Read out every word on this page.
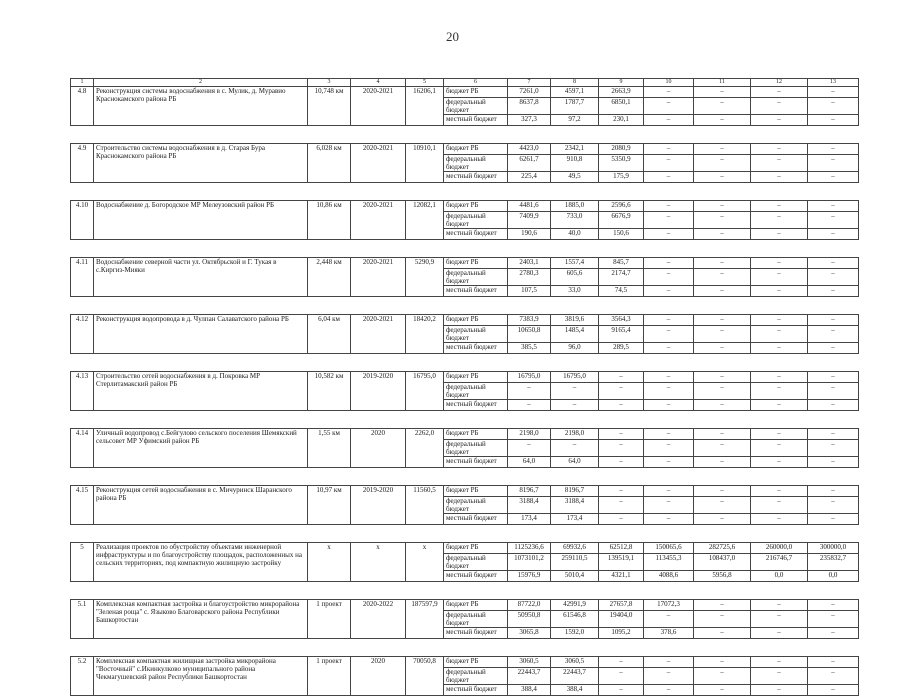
20
1	2	3	4	5	6	7	8	9	10	11	12	13
4.8	Реконструкция системы водоснабжения в с. Мулик, д. Муравио Краснокамского района РБ	10,748 км	2020-2021	16206,1	бюджет РБ	7261,0	4597,1	2663,9	–	–	–	–
					федеральный бюджет	8637,8	1787,7	6850,1	–	–	–	–
					местный бюджет	327,3	97,2	230,1	–	–	–	–

4.9	Строительство системы водоснабжения в д. Старая Бура Краснокамского района РБ	6,028 км	2020-2021	10910,1	бюджет РБ	4423,0	2342,1	2080,9	–	–	–	–
					федеральный бюджет	6261,7	910,8	5350,9	–	–	–	–
					местный бюджет	225,4	49,5	175,9	–	–	–	–

4.10	Водоснабжение д. Богородское МР Мелеузовский район РБ	10,86 км	2020-2021	12082,1	бюджет РБ	4481,6	1885,0	2596,6	–	–	–	–
					федеральный бюджет	7409,9	733,0	6676,9	–	–	–	–
					местный бюджет	190,6	40,0	150,6	–	–	–	–

4.11	Водоснабжение северной части ул. Октябрьской и Г. Тукая в с.Киргиз-Мияки	2,448 км	2020-2021	5290,9	бюджет РБ	2403,1	1557,4	845,7	–	–	–	–
					федеральный бюджет	2780,3	605,6	2174,7	–	–	–	–
					местный бюджет	107,5	33,0	74,5	–	–	–	–

4.12	Реконструкция водопровода в д. Чулпан Салаватского района РБ	6,04 км	2020-2021	18420,2	бюджет РБ	7383,9	3819,6	3564,3	–	–	–	–
					федеральный бюджет	10650,8	1485,4	9165,4	–	–	–	–
					местный бюджет	385,5	96,0	289,5	–	–	–	–

4.13	Строительство сетей водоснабжения в д. Покровка МР Стерлитамакский район РБ	10,582 км	2019-2020	16795,0	бюджет РБ	16795,0	16795,0	–	–	–	–	–
					федеральный бюджет	–	–	–	–	–	–	–
					местный бюджет	–	–	–	–	–	–	–

4.14	Уличный водопровод с.Бейгулово сельского поселения Шемякский сельсовет МР Уфимский район РБ	1,55 км	2020	2262,0	бюджет РБ	2198,0	2198,0	–	–	–	–	–
					федеральный бюджет	–	–	–	–	–	–	–
					местный бюджет	64,0	64,0	–	–	–	–	–

4.15	Реконструкция сетей водоснабжения в с. Мичуринск Шаранского района РБ	10,97 км	2019-2020	11560,5	бюджет РБ	8196,7	8196,7	–	–	–	–	–
					федеральный бюджет	3188,4	3188,4	–	–	–	–	–
					местный бюджет	173,4	173,4	–	–	–	–	–

5	Реализация проектов по обустройству объектами инженерной инфраструктуры и по благоустройству площадок, расположенных на сельских территориях, под компактную жилищную застройку	х	х	х	бюджет РБ	1125236,6	69932,6	62512,8	150065,6	282725,6	260000,0	300000,0
					федеральный бюджет	1073101,2	259110,5	139519,1	113455,3	108437,0	216746,7	235832,7
					местный бюджет	15976,9	5010,4	4321,1	4088,6	5956,8	0,0	0,0

5.1	Комплексная компактная застройка и благоустройство микрорайона "Зеленая роща" с. Языково Благоварского района Республики Башкортостан	1 проект	2020-2022	187597,9	бюджет РБ	87722,0	42991,9	27657,8	17072,3	–	–	–
					федеральный бюджет	50950,8	61546,8	19404,0	–	–	–	–
					местный бюджет	3065,8	1592,0	1095,2	378,6	–	–	–

5.2	Комплексная компактная жилищная застройка микрорайона "Восточный" с.Икинкулково муниципального района Чекмагушевский район Республики Башкортостан	1 проект	2020	70050,8	бюджет РБ	3060,5	3060,5	–	–	–	–	–
					федеральный бюджет	22443,7	22443,7	–	–	–	–	–
					местный бюджет	388,4	388,4	–	–	–	–	–
